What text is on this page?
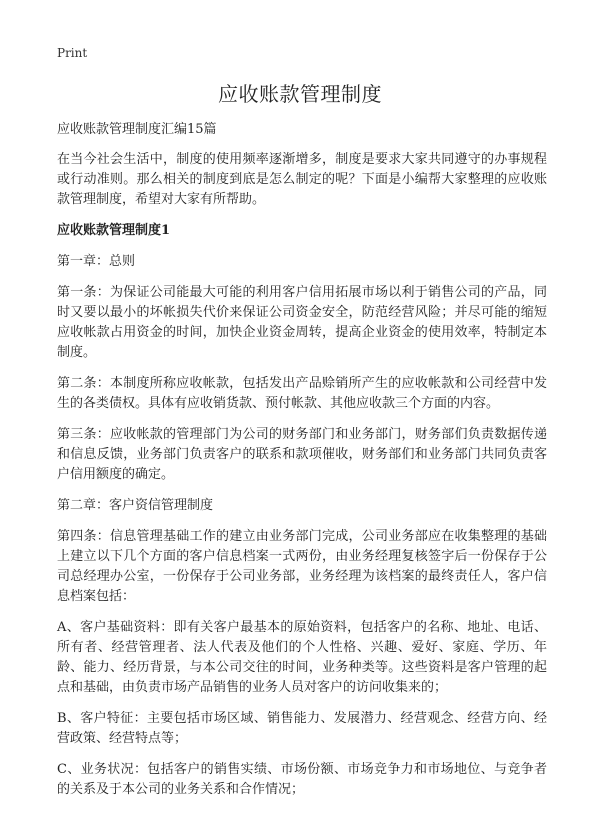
Print
应收账款管理制度
应收账款管理制度汇编15篇

在当今社会生活中，制度的使用频率逐渐增多，制度是要求大家共同遵守的办事规程或行动准则。那么相关的制度到底是怎么制定的呢？下面是小编帮大家整理的应收账款管理制度，希望对大家有所帮助。

应收账款管理制度1

第一章：总则

第一条：为保证公司能最大可能的利用客户信用拓展市场以利于销售公司的产品，同时又要以最小的坏帐损失代价来保证公司资金安全，防范经营风险；并尽可能的缩短应收帐款占用资金的时间，加快企业资金周转，提高企业资金的使用效率，特制定本制度。

第二条：本制度所称应收帐款，包括发出产品赊销所产生的应收帐款和公司经营中发生的各类债权。具体有应收销货款、预付帐款、其他应收款三个方面的内容。

第三条：应收帐款的管理部门为公司的财务部门和业务部门，财务部们负责数据传递和信息反馈，业务部门负责客户的联系和款项催收，财务部们和业务部门共同负责客户信用额度的确定。

第二章：客户资信管理制度

第四条：信息管理基础工作的建立由业务部门完成，公司业务部应在收集整理的基础上建立以下几个方面的客户信息档案一式两份，由业务经理复核签字后一份保存于公司总经理办公室，一份保存于公司业务部，业务经理为该档案的最终责任人，客户信息档案包括：

A、客户基础资料：即有关客户最基本的原始资料，包括客户的名称、地址、电话、所有者、经营管理者、法人代表及他们的个人性格、兴趣、爱好、家庭、学历、年龄、能力、经历背景，与本公司交往的时间，业务种类等。这些资料是客户管理的起点和基础，由负责市场产品销售的业务人员对客户的访问收集来的；

B、客户特征：主要包括市场区域、销售能力、发展潜力、经营观念、经营方向、经营政策、经营特点等；

C、业务状况：包括客户的销售实绩、市场份额、市场竞争力和市场地位、与竞争者的关系及于本公司的业务关系和合作情况；
